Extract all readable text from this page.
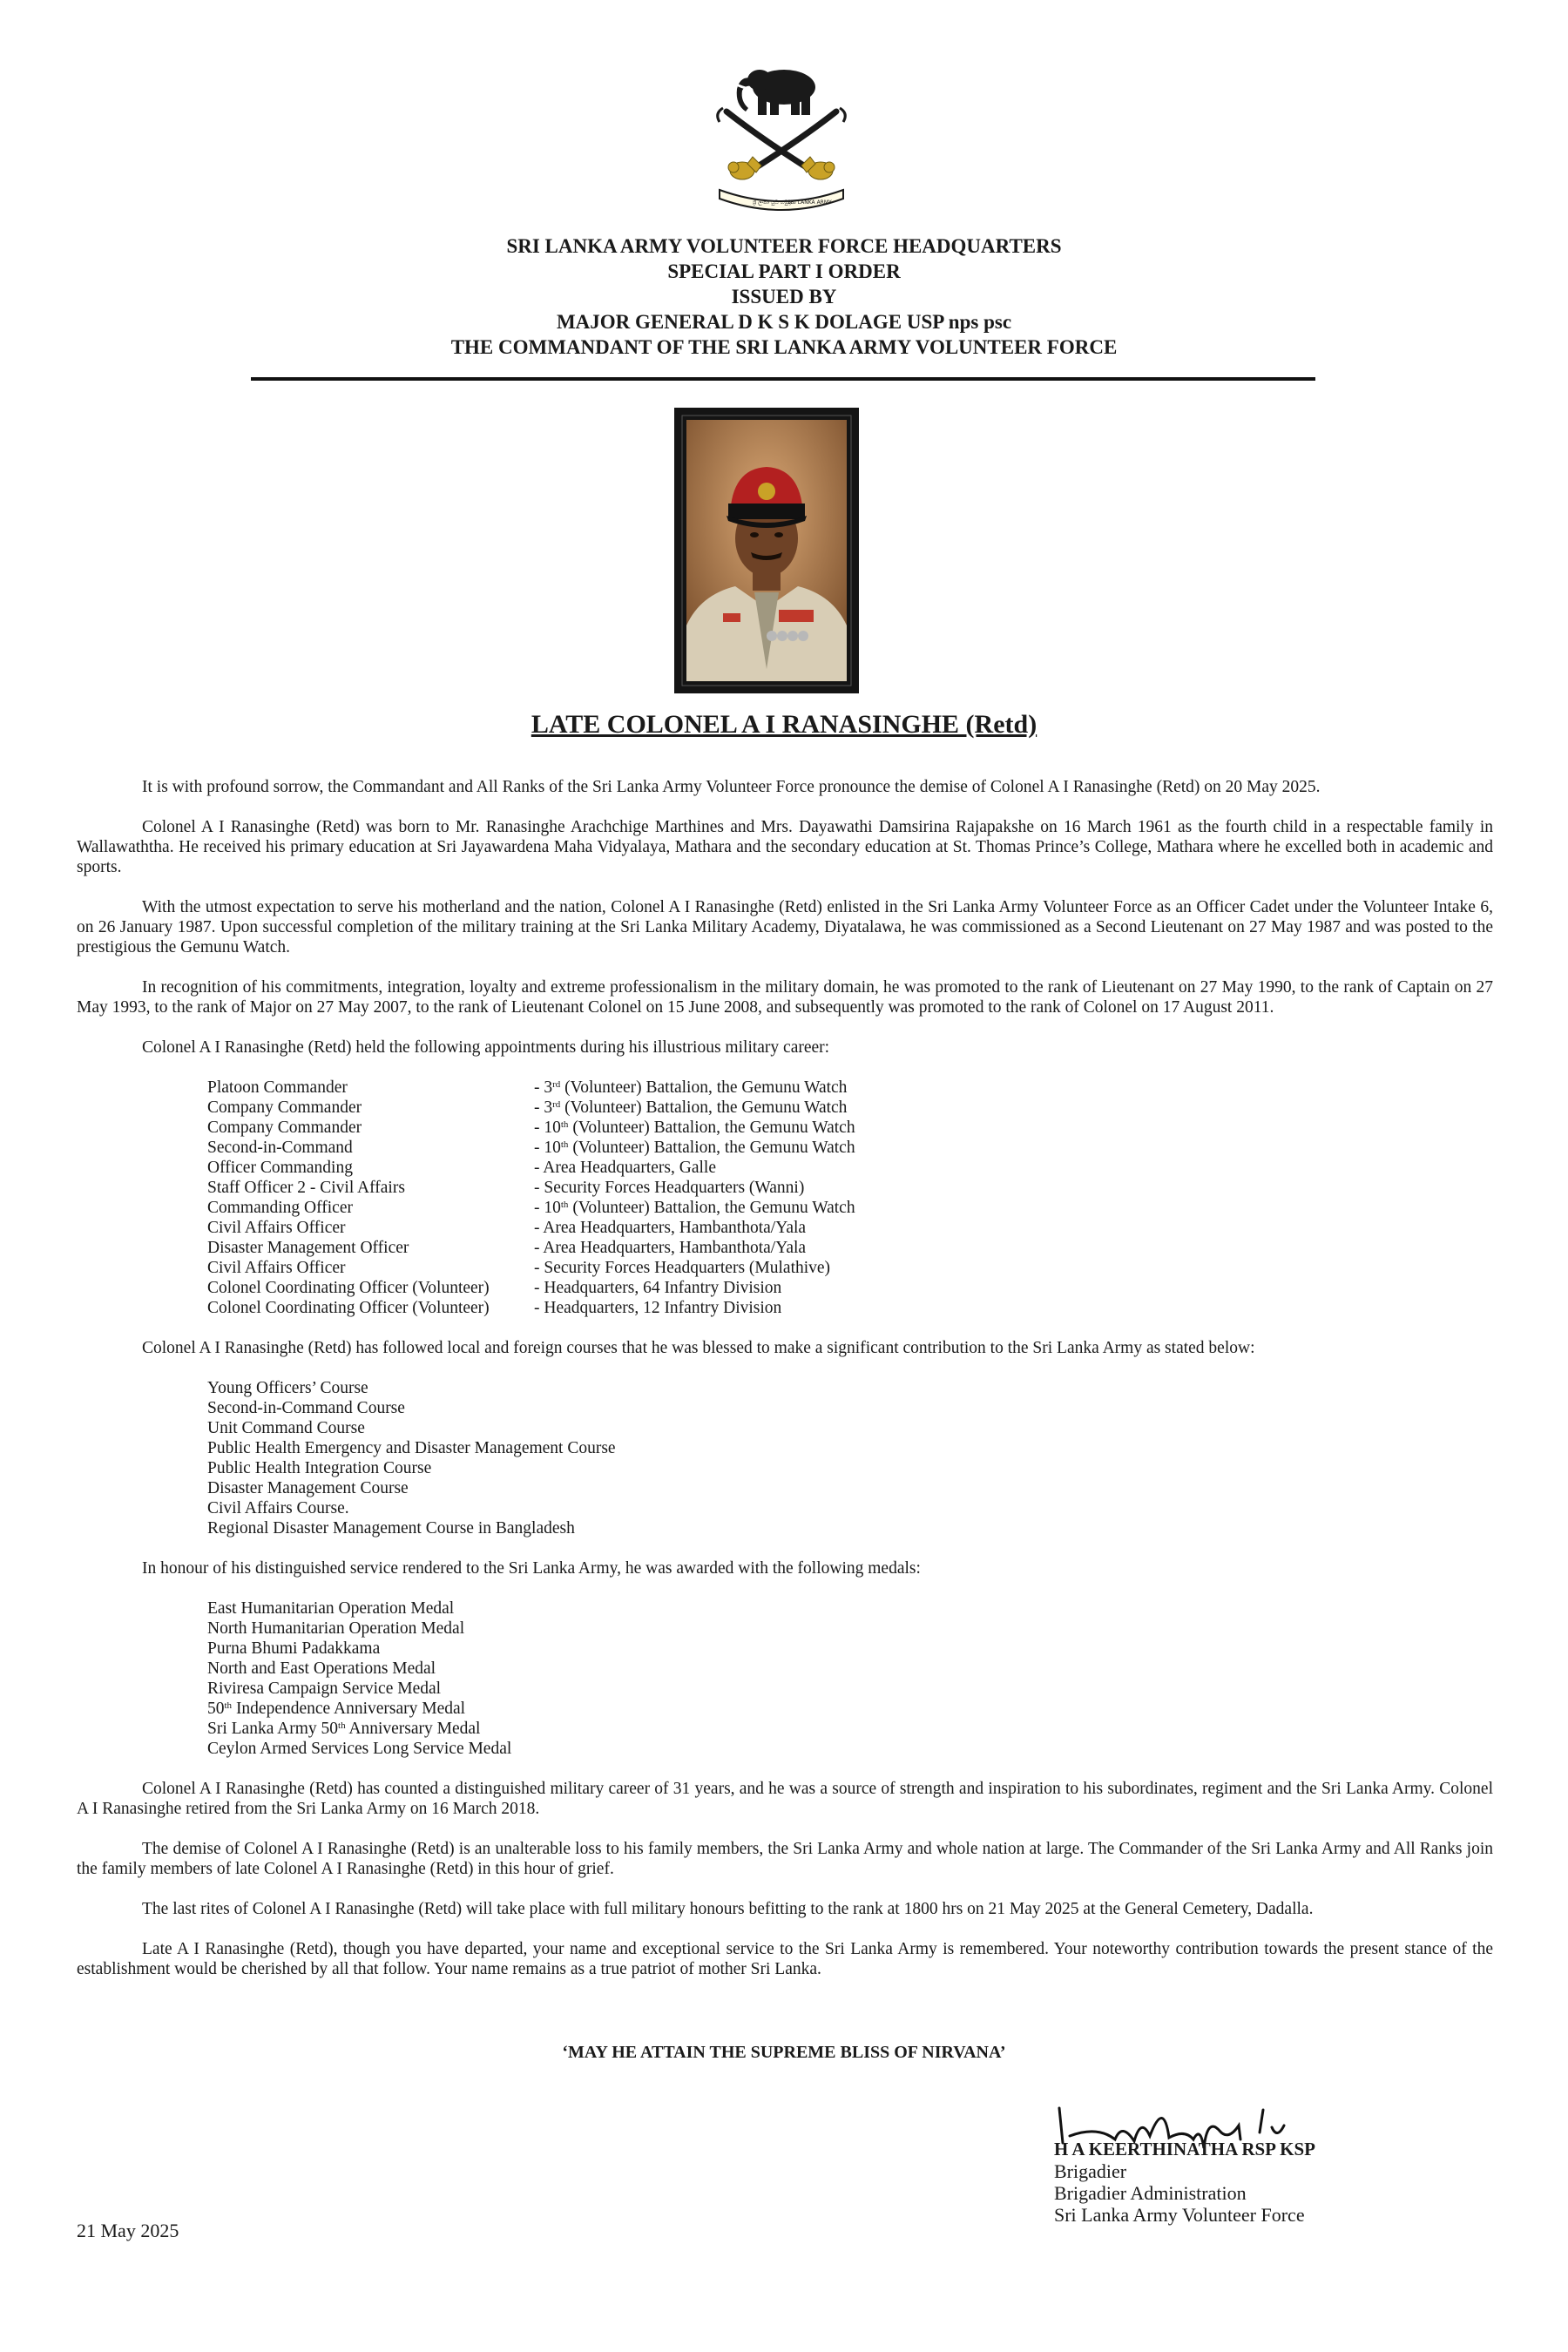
ශ්‍රී ලංකා යුධ හමුදාව
SRI LANKA ARMY
SRI LANKA ARMY VOLUNTEER FORCE HEADQUARTERS
SPECIAL PART I ORDER
ISSUED BY
MAJOR GENERAL D K S K DOLAGE USP nps psc
THE COMMANDANT OF THE SRI LANKA ARMY VOLUNTEER FORCE
LATE COLONEL A I RANASINGHE (Retd)

It is with profound sorrow, the Commandant and All Ranks of the Sri Lanka Army Volunteer Force pronounce the demise of Colonel A I Ranasinghe (Retd) on 20 May 2025.

Colonel A I Ranasinghe (Retd) was born to Mr. Ranasinghe Arachchige Marthines and Mrs. Dayawathi Damsirina Rajapakshe on 16 March 1961 as the fourth child in a respectable family in Wallawaththa. He received his primary education at Sri Jayawardena Maha Vidyalaya, Mathara and the secondary education at St. Thomas Prince’s College, Mathara where he excelled both in academic and sports.

With the utmost expectation to serve his motherland and the nation, Colonel A I Ranasinghe (Retd) enlisted in the Sri Lanka Army Volunteer Force as an Officer Cadet under the Volunteer Intake 6, on 26 January 1987. Upon successful completion of the military training at the Sri Lanka Military Academy, Diyatalawa, he was commissioned as a Second Lieutenant on 27 May 1987 and was posted to the prestigious the Gemunu Watch.

In recognition of his commitments, integration, loyalty and extreme professionalism in the military domain, he was promoted to the rank of Lieutenant on 27 May 1990, to the rank of Captain on 27 May 1993, to the rank of Major on 27 May 2007, to the rank of Lieutenant Colonel on 15 June 2008, and subsequently was promoted to the rank of Colonel on 17 August 2011.

Colonel A I Ranasinghe (Retd) held the following appointments during his illustrious military career:

Platoon Commander	- 3rd (Volunteer) Battalion, the Gemunu Watch
Company Commander	- 3rd (Volunteer) Battalion, the Gemunu Watch
Company Commander	- 10th (Volunteer) Battalion, the Gemunu Watch
Second-in-Command	- 10th (Volunteer) Battalion, the Gemunu Watch
Officer Commanding	- Area Headquarters, Galle
Staff Officer 2 - Civil Affairs	- Security Forces Headquarters (Wanni)
Commanding Officer	- 10th (Volunteer) Battalion, the Gemunu Watch
Civil Affairs Officer	- Area Headquarters, Hambanthota/Yala
Disaster Management Officer	- Area Headquarters, Hambanthota/Yala
Civil Affairs Officer	- Security Forces Headquarters (Mulathive)
Colonel Coordinating Officer (Volunteer)	- Headquarters, 64 Infantry Division
Colonel Coordinating Officer (Volunteer)	- Headquarters, 12 Infantry Division

Colonel A I Ranasinghe (Retd) has followed local and foreign courses that he was blessed to make a significant contribution to the Sri Lanka Army as stated below:

Young Officers’ Course
Second-in-Command Course
Unit Command Course
Public Health Emergency and Disaster Management Course
Public Health Integration Course
Disaster Management Course
Civil Affairs Course.
Regional Disaster Management Course in Bangladesh

In honour of his distinguished service rendered to the Sri Lanka Army, he was awarded with the following medals:

East Humanitarian Operation Medal
North Humanitarian Operation Medal
Purna Bhumi Padakkama
North and East Operations Medal
Riviresa Campaign Service Medal
50th Independence Anniversary Medal
Sri Lanka Army 50th Anniversary Medal
Ceylon Armed Services Long Service Medal

Colonel A I Ranasinghe (Retd) has counted a distinguished military career of 31 years, and he was a source of strength and inspiration to his subordinates, regiment and the Sri Lanka Army. Colonel A I Ranasinghe retired from the Sri Lanka Army on 16 March 2018.

The demise of Colonel A I Ranasinghe (Retd) is an unalterable loss to his family members, the Sri Lanka Army and whole nation at large. The Commander of the Sri Lanka Army and All Ranks join the family members of late Colonel A I Ranasinghe (Retd) in this hour of grief.

The last rites of Colonel A I Ranasinghe (Retd) will take place with full military honours befitting to the rank at 1800 hrs on 21 May 2025 at the General Cemetery, Dadalla.

Late A I Ranasinghe (Retd), though you have departed, your name and exceptional service to the Sri Lanka Army is remembered. Your noteworthy contribution towards the present stance of the establishment would be cherished by all that follow. Your name remains as a true patriot of mother Sri Lanka.

‘MAY HE ATTAIN THE SUPREME BLISS OF NIRVANA’
H A KEERTHINATHA RSP KSP
Brigadier
Brigadier Administration
Sri Lanka Army Volunteer Force
21 May 2025
